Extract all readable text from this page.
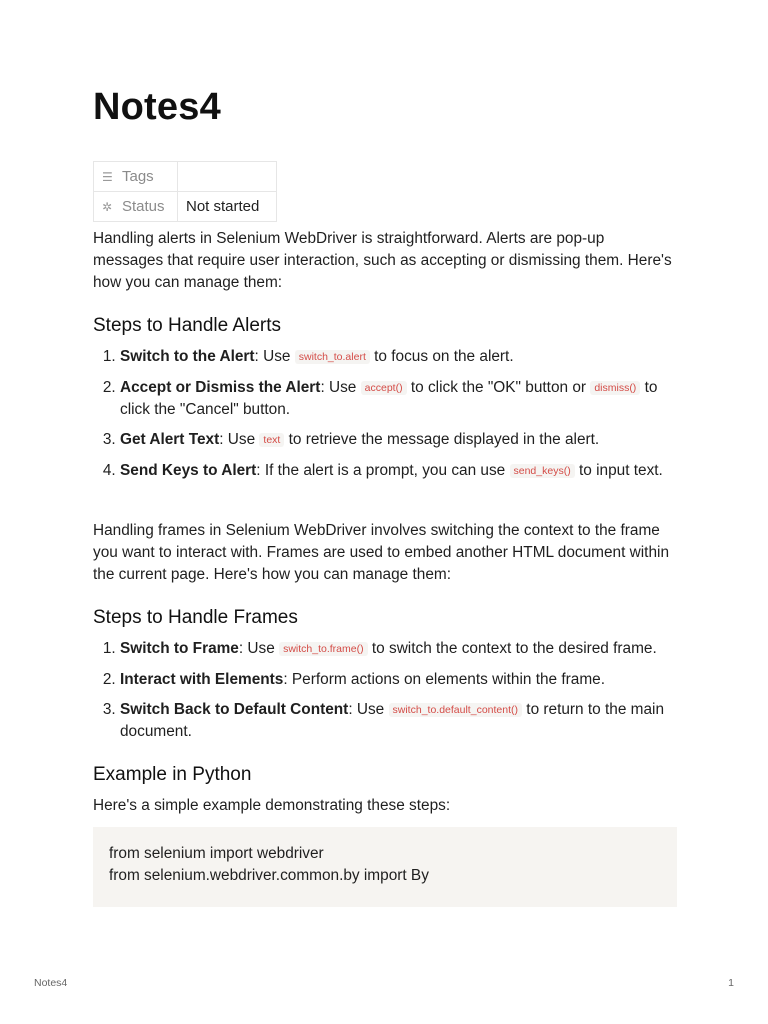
Notes4
☰ Tags	
✲ Status	Not started

Handling alerts in Selenium WebDriver is straightforward. Alerts are pop-up messages that require user interaction, such as accepting or dismissing them. Here's how you can manage them:

Steps to Handle Alerts
1. Switch to the Alert: Use switch_to.alert to focus on the alert.
2. Accept or Dismiss the Alert: Use accept() to click the "OK" button or dismiss() to click the "Cancel" button.
3. Get Alert Text: Use text to retrieve the message displayed in the alert.
4. Send Keys to Alert: If the alert is a prompt, you can use send_keys() to input text.

Handling frames in Selenium WebDriver involves switching the context to the frame you want to interact with. Frames are used to embed another HTML document within the current page. Here's how you can manage them:

Steps to Handle Frames
1. Switch to Frame: Use switch_to.frame() to switch the context to the desired frame.
2. Interact with Elements: Perform actions on elements within the frame.
3. Switch Back to Default Content: Use switch_to.default_content() to return to the main document.
Example in Python

Here's a simple example demonstrating these steps:

from selenium import webdriver
from selenium.webdriver.common.by import By
Notes4	1
